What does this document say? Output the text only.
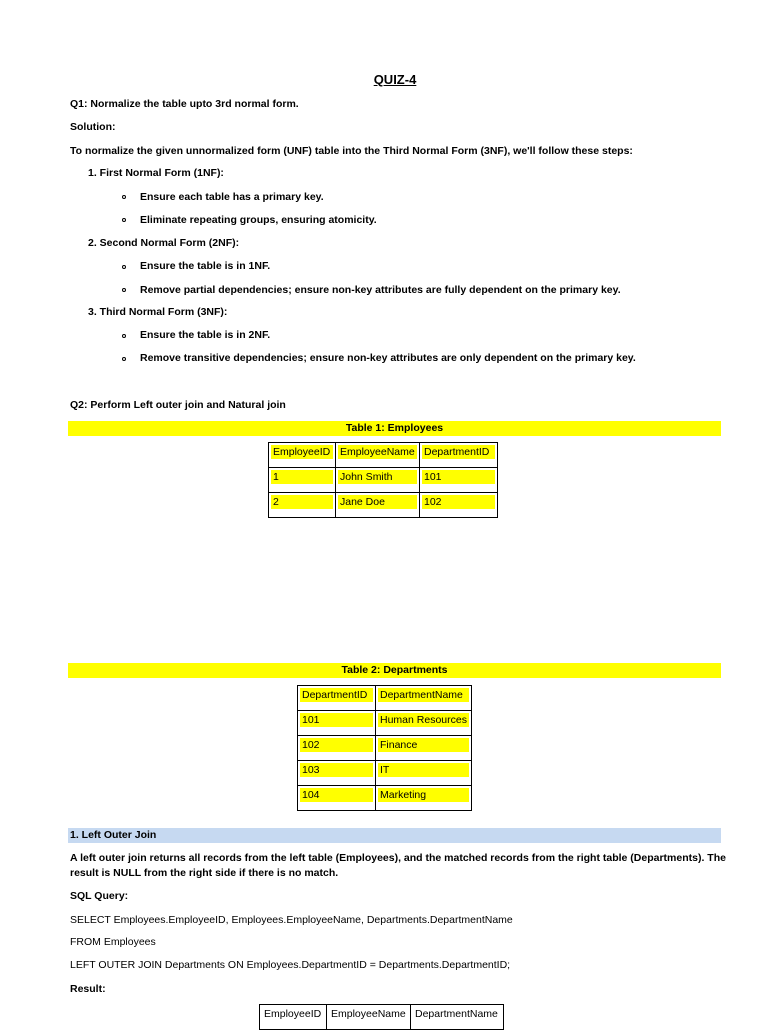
QUIZ-4
Q1: Normalize the table upto 3rd normal form.
Solution:
To normalize the given unnormalized form (UNF) table into the Third Normal Form (3NF), we'll follow these steps:
1. First Normal Form (1NF):
Ensure each table has a primary key.
Eliminate repeating groups, ensuring atomicity.
2. Second Normal Form (2NF):
Ensure the table is in 1NF.
Remove partial dependencies; ensure non-key attributes are fully dependent on the primary key.
3. Third Normal Form (3NF):
Ensure the table is in 2NF.
Remove transitive dependencies; ensure non-key attributes are only dependent on the primary key.
Q2: Perform Left outer join and Natural join
Table 1: Employees
EmployeeID	EmployeeName	DepartmentID

1	John Smith	101

2	Jane Doe	102
Table 2: Departments
DepartmentID	DepartmentName

101	Human Resources

102	Finance

103	IT

104	Marketing
1. Left Outer Join
A left outer join returns all records from the left table (Employees), and the matched records from the right table (Departments). The
result is NULL from the right side if there is no match.
SQL Query:
SELECT Employees.EmployeeID, Employees.EmployeeName, Departments.DepartmentName
FROM Employees
LEFT OUTER JOIN Departments ON Employees.DepartmentID = Departments.DepartmentID;
Result:
EmployeeID	EmployeeName	DepartmentName
